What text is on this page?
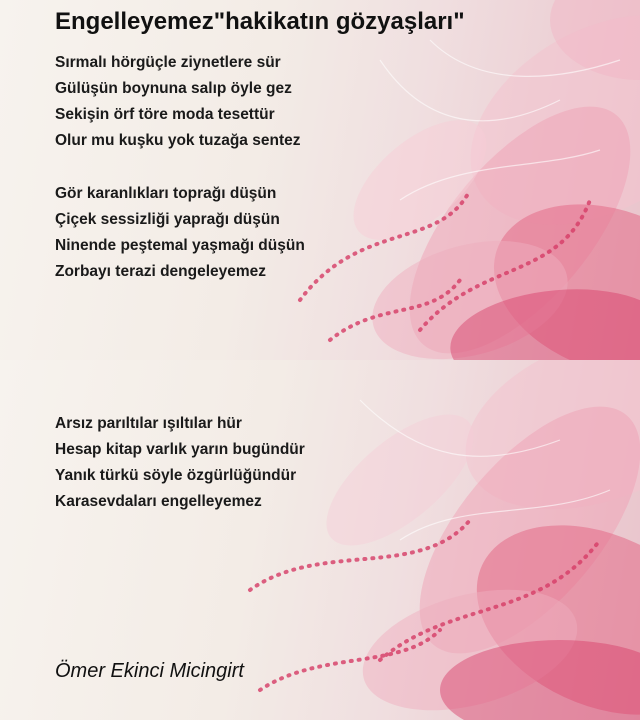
Engelleyemez"hakikatın gözyaşları"
Sırmalı hörgüçle ziynetlere sür
Gülüşün boynuna salıp öyle gez
Sekişin örf töre moda tesettür
Olur mu kuşku yok tuzağa sentez
Gör karanlıkları toprağı düşün
Çiçek sessizliği yaprağı düşün
Ninende peştemal yaşmağı düşün
Zorbayı terazi dengeleyemez
Arsız parıltılar ışıltılar hür
Hesap kitap varlık yarın bugündür
Yanık türkü söyle özgürlüğündür
Karasevdaları engelleyemez
Ömer Ekinci Micingirt
